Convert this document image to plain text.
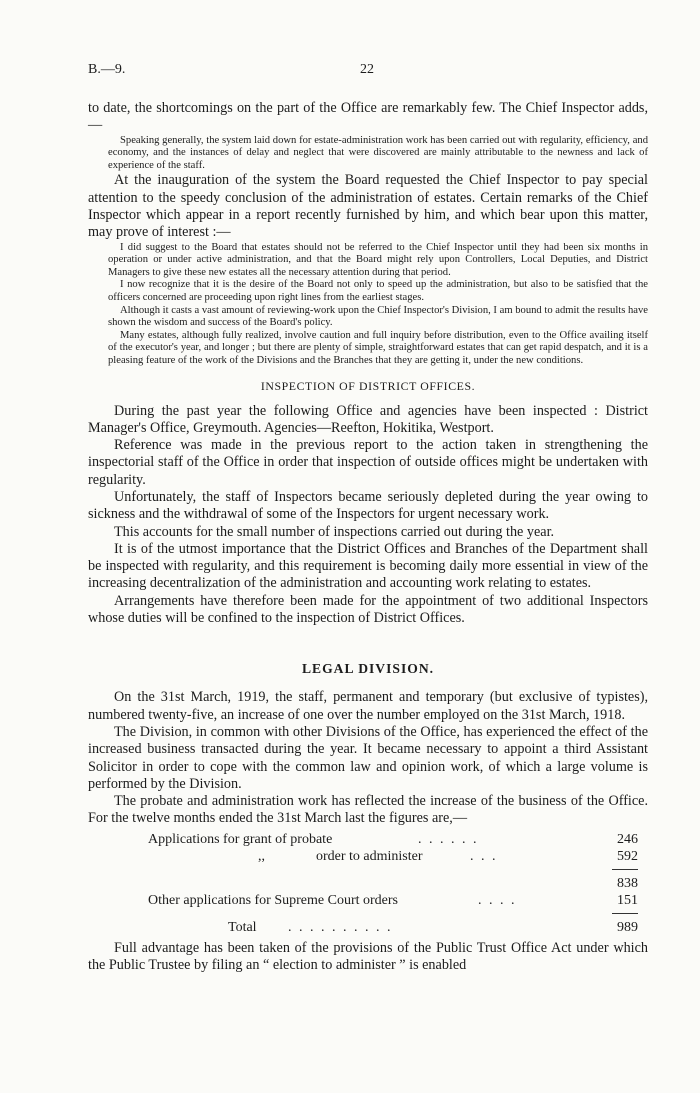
B.—9.	22

to date, the shortcomings on the part of the Office are remarkably few. The Chief Inspector adds,—

Speaking generally, the system laid down for estate-administration work has been carried out with regularity, efficiency, and economy, and the instances of delay and neglect that were discovered are mainly attributable to the newness and lack of experience of the staff.

At the inauguration of the system the Board requested the Chief Inspector to pay special attention to the speedy conclusion of the administration of estates. Certain remarks of the Chief Inspector which appear in a report recently furnished by him, and which bear upon this matter, may prove of interest :—

I did suggest to the Board that estates should not be referred to the Chief Inspector until they had been six months in operation or under active administration, and that the Board might rely upon Controllers, Local Deputies, and District Managers to give these new estates all the necessary attention during that period.

I now recognize that it is the desire of the Board not only to speed up the administration, but also to be satisfied that the officers concerned are proceeding upon right lines from the earliest stages.

Although it casts a vast amount of reviewing-work upon the Chief Inspector's Division, I am bound to admit the results have shown the wisdom and success of the Board's policy.

Many estates, although fully realized, involve caution and full inquiry before distribution, even to the Office availing itself of the executor's year, and longer ; but there are plenty of simple, straightforward estates that can get rapid despatch, and it is a pleasing feature of the work of the Divisions and the Branches that they are getting it, under the new conditions.

INSPECTION OF DISTRICT OFFICES.

During the past year the following Office and agencies have been inspected : District Manager's Office, Greymouth. Agencies—Reefton, Hokitika, Westport.

Reference was made in the previous report to the action taken in strengthening the inspectorial staff of the Office in order that inspection of outside offices might be undertaken with regularity.

Unfortunately, the staff of Inspectors became seriously depleted during the year owing to sickness and the withdrawal of some of the Inspectors for urgent necessary work.

This accounts for the small number of inspections carried out during the year.

It is of the utmost importance that the District Offices and Branches of the Department shall be inspected with regularity, and this requirement is becoming daily more essential in view of the increasing decentralization of the administration and accounting work relating to estates.

Arrangements have therefore been made for the appointment of two additional Inspectors whose duties will be confined to the inspection of District Offices.

LEGAL DIVISION.

On the 31st March, 1919, the staff, permanent and temporary (but exclusive of typistes), numbered twenty-five, an increase of one over the number employed on the 31st March, 1918.

The Division, in common with other Divisions of the Office, has experienced the effect of the increased business transacted during the year. It became necessary to appoint a third Assistant Solicitor in order to cope with the common law and opinion work, of which a large volume is performed by the Division.

The probate and administration work has reflected the increase of the business of the Office. For the twelve months ended the 31st March last the figures are,—

Applications for grant of probate	. . . . . .	246
,,	order to administer	. . .	592
838
Other applications for Supreme Court orders	. . . .	151
Total . . . . . . . . . .	989

Full advantage has been taken of the provisions of the Public Trust Office Act under which the Public Trustee by filing an “ election to administer ” is enabled
